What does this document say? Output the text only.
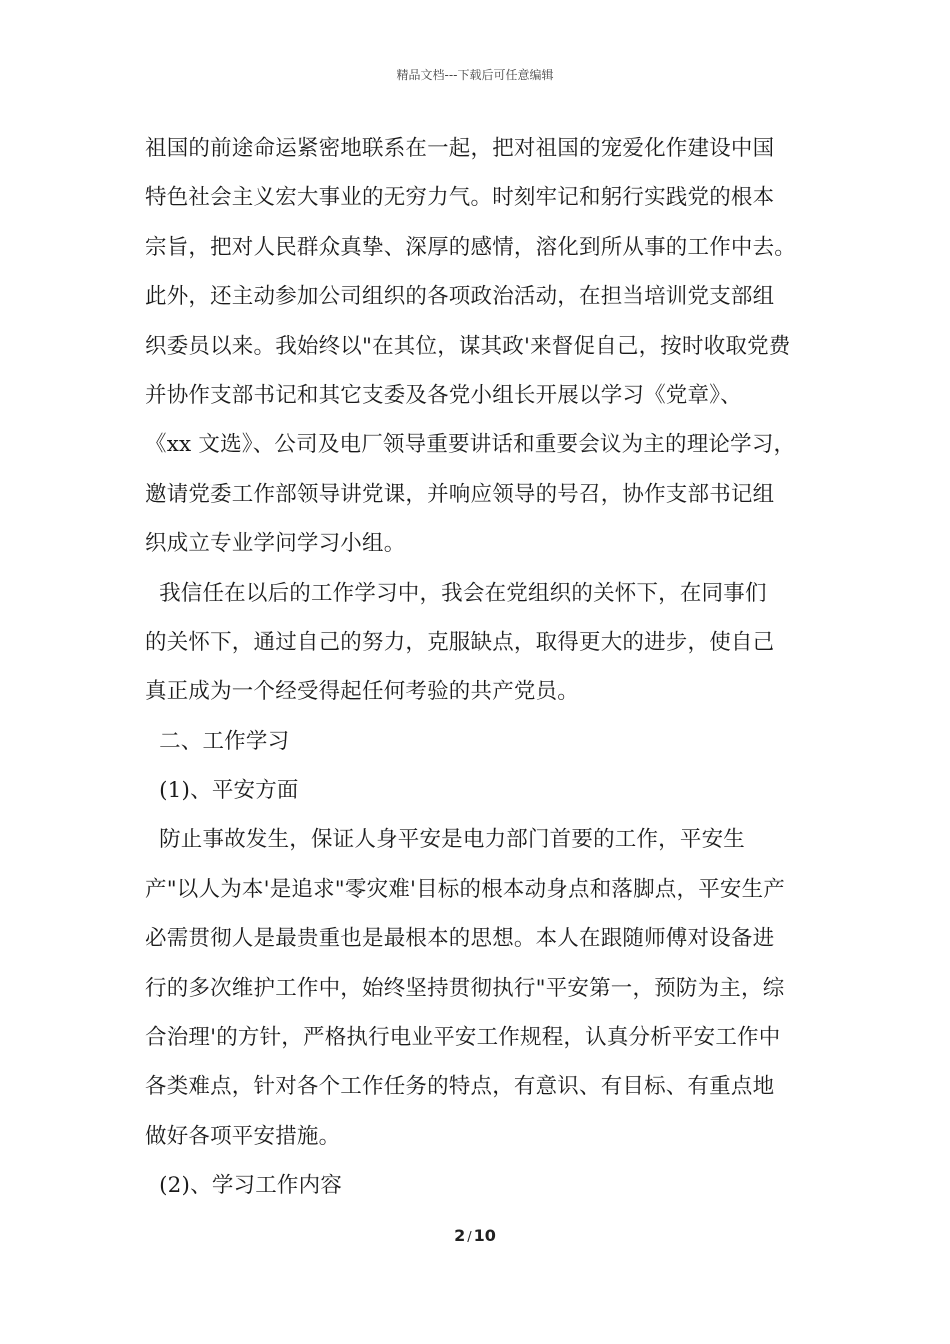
精品文档---下载后可任意编辑
祖国的前途命运紧密地联系在一起，把对祖国的宠爱化作建设中国
特色社会主义宏大事业的无穷力气。时刻牢记和躬行实践党的根本
宗旨，把对人民群众真挚、深厚的感情，溶化到所从事的工作中去。
此外，还主动参加公司组织的各项政治活动，在担当培训党支部组
织委员以来。我始终以"在其位，谋其政'来督促自己，按时收取党费
并协作支部书记和其它支委及各党小组长开展以学习《党章》、
《xx 文选》、公司及电厂领导重要讲话和重要会议为主的理论学习，
邀请党委工作部领导讲党课，并响应领导的号召，协作支部书记组
织成立专业学问学习小组。
我信任在以后的工作学习中，我会在党组织的关怀下，在同事们
的关怀下，通过自己的努力，克服缺点，取得更大的进步，使自己
真正成为一个经受得起任何考验的共产党员。
二、工作学习
(1)、平安方面
防止事故发生，保证人身平安是电力部门首要的工作，平安生
产"以人为本'是追求"零灾难'目标的根本动身点和落脚点，平安生产
必需贯彻人是最贵重也是最根本的思想。本人在跟随师傅对设备进
行的多次维护工作中，始终坚持贯彻执行"平安第一，预防为主，综
合治理'的方针，严格执行电业平安工作规程，认真分析平安工作中
各类难点，针对各个工作任务的特点，有意识、有目标、有重点地
做好各项平安措施。
(2)、学习工作内容
2 / 10
